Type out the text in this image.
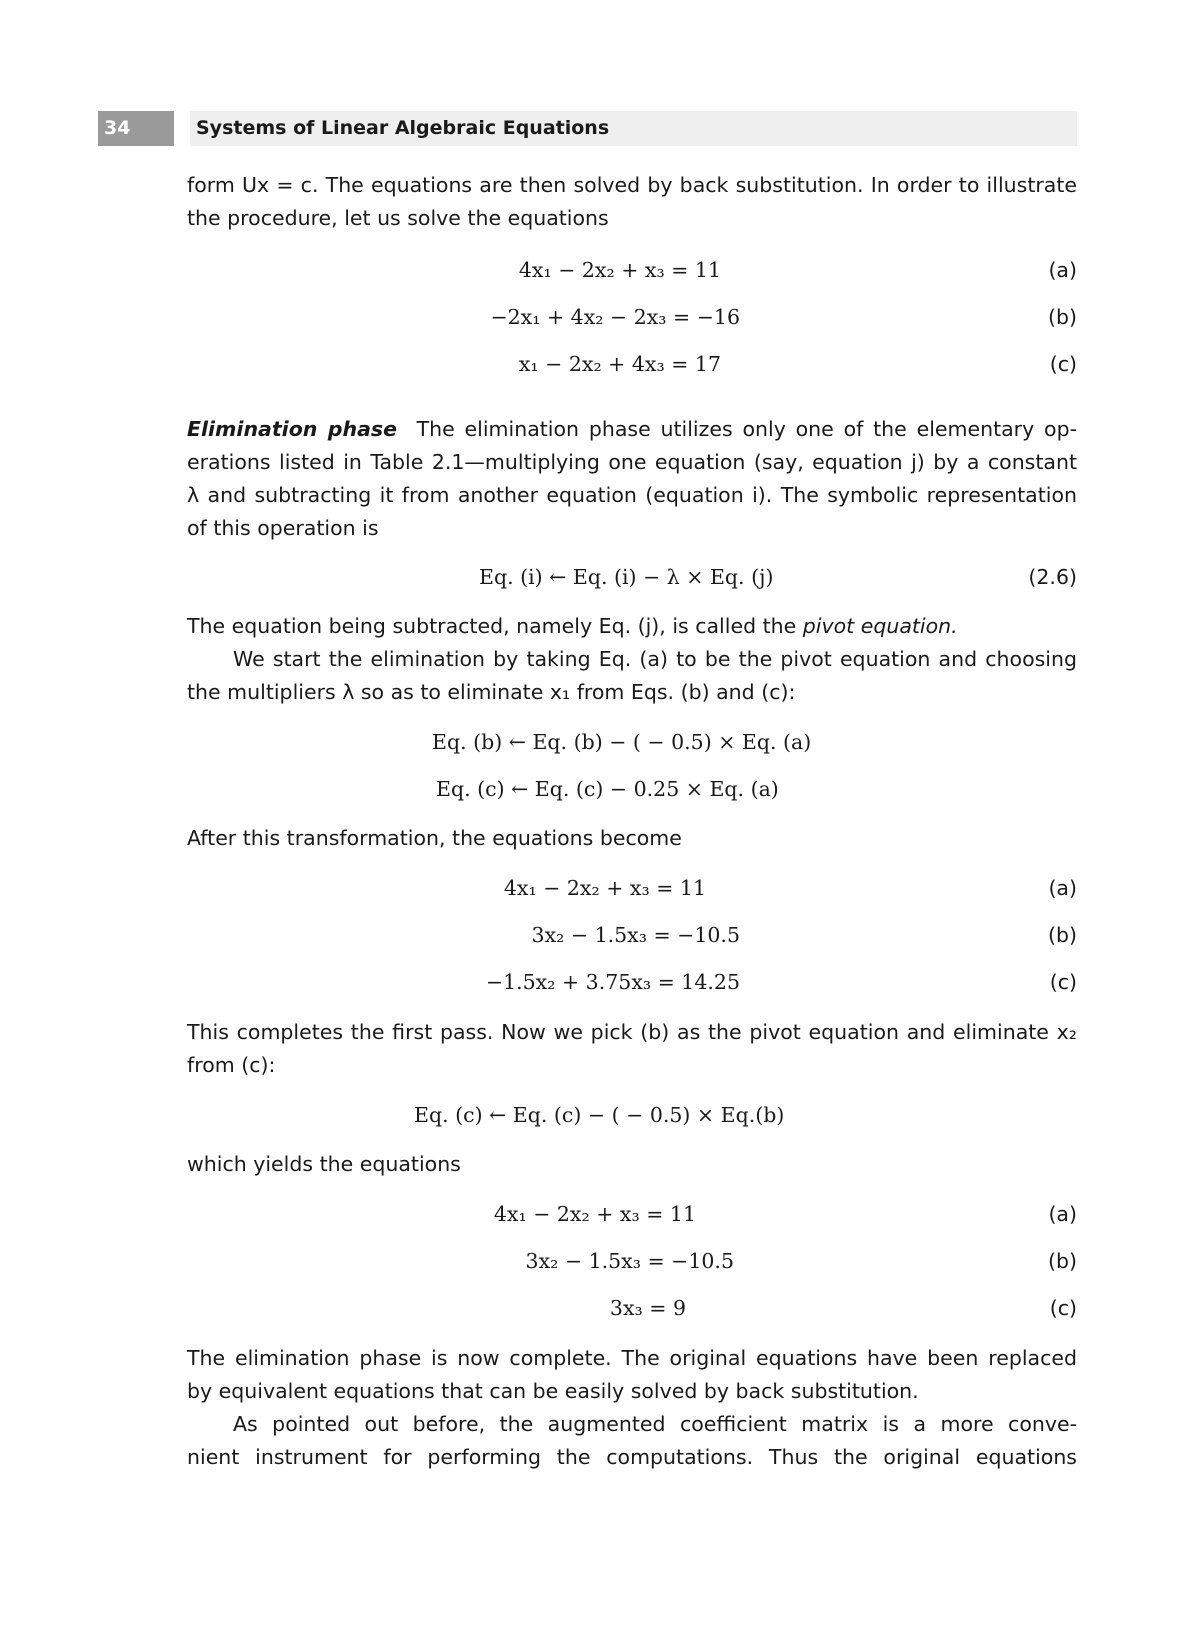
34	Systems of Linear Algebraic Equations
form Ux = c. The equations are then solved by back substitution. In order to illustrate
the procedure, let us solve the equations
4x₁ − 2x₂ + x₃ = 11	(a)
−2x₁ + 4x₂ − 2x₃ = −16	(b)
x₁ − 2x₂ + 4x₃ = 17	(c)
Elimination phase The elimination phase utilizes only one of the elementary op-
erations listed in Table 2.1—multiplying one equation (say, equation j) by a constant
λ and subtracting it from another equation (equation i). The symbolic representation
of this operation is
Eq. (i) ← Eq. (i) − λ × Eq. (j)	(2.6)
The equation being subtracted, namely Eq. (j), is called the pivot equation.
We start the elimination by taking Eq. (a) to be the pivot equation and choosing
the multipliers λ so as to eliminate x₁ from Eqs. (b) and (c):
Eq. (b) ← Eq. (b) − ( − 0.5) × Eq. (a)
Eq. (c) ← Eq. (c) − 0.25 × Eq. (a)
After this transformation, the equations become
4x₁ − 2x₂ + x₃ = 11	(a)
3x₂ − 1.5x₃ = −10.5	(b)
−1.5x₂ + 3.75x₃ = 14.25	(c)
This completes the first pass. Now we pick (b) as the pivot equation and eliminate x₂
from (c):
Eq. (c) ← Eq. (c) − ( − 0.5) × Eq.(b)
which yields the equations
4x₁ − 2x₂ + x₃ = 11	(a)
3x₂ − 1.5x₃ = −10.5	(b)
3x₃ = 9	(c)
The elimination phase is now complete. The original equations have been replaced
by equivalent equations that can be easily solved by back substitution.
As pointed out before, the augmented coefficient matrix is a more conve-
nient instrument for performing the computations. Thus the original equations
